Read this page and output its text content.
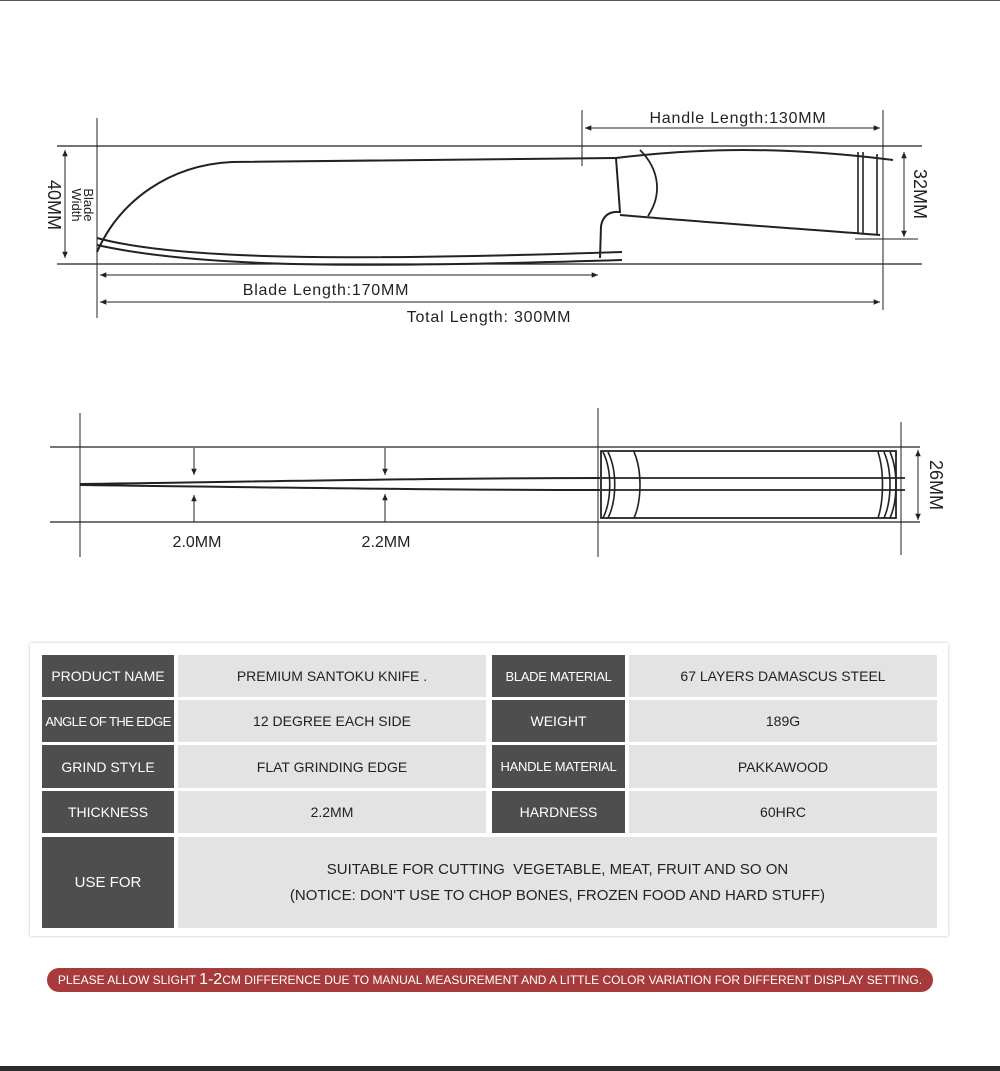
Handle Length:130MM
32MM
40MM Blade
Width
Blade Length:170MM
Total Length: 300MM
2.0MM	2.2MM
26MM
PRODUCT NAME	PREMIUM SANTOKU KNIFE .	BLADE MATERIAL	67 LAYERS DAMASCUS STEEL
ANGLE OF THE EDGE	12 DEGREE EACH SIDE	WEIGHT	189G
GRIND STYLE	FLAT GRINDING EDGE	HANDLE MATERIAL	PAKKAWOOD
THICKNESS	2.2MM	HARDNESS	60HRC
USE FOR
SUITABLE FOR CUTTING  VEGETABLE, MEAT, FRUIT AND SO ON
(NOTICE: DON'T USE TO CHOP BONES, FROZEN FOOD AND HARD STUFF)
PLEASE ALLOW SLIGHT 1-2 CM DIFFERENCE DUE TO MANUAL MEASUREMENT AND A LITTLE COLOR VARIATION FOR DIFFERENT DISPLAY SETTING.
